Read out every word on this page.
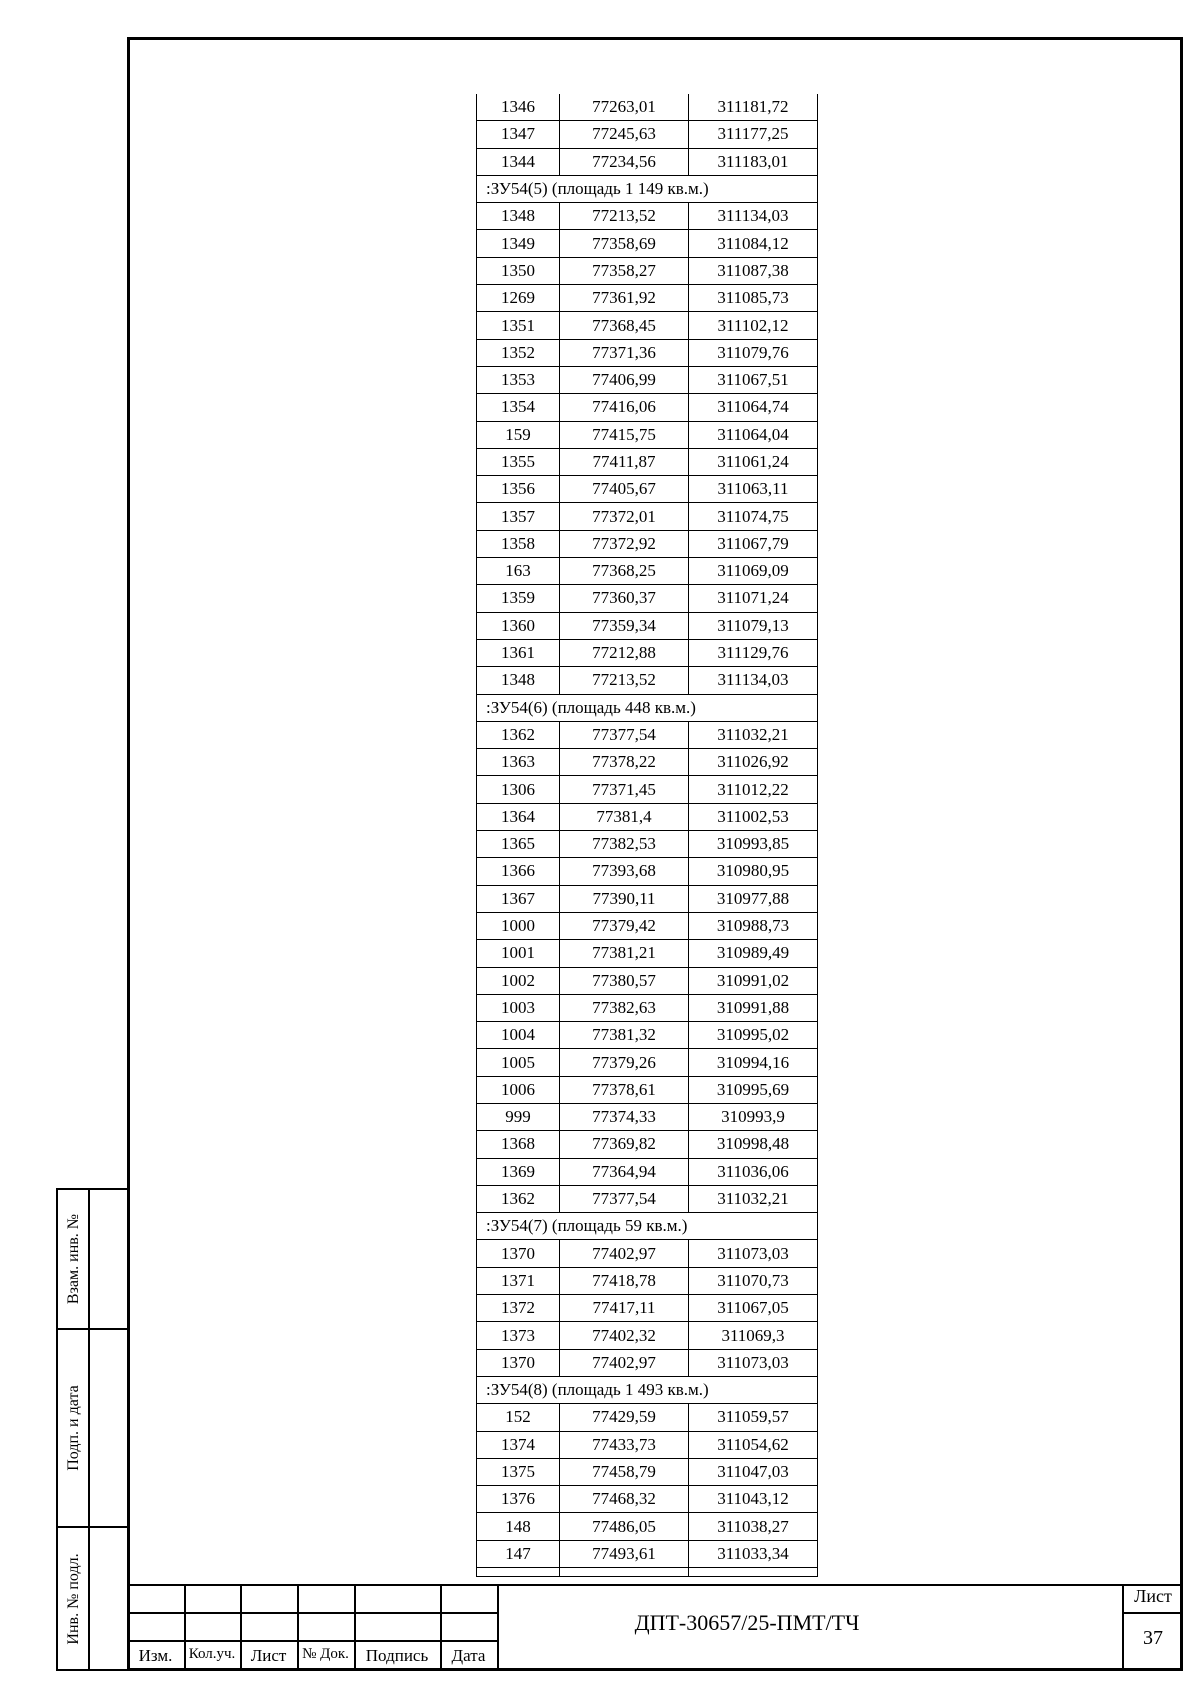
1346	77263,01	311181,72
1347	77245,63	311177,25
1344	77234,56	311183,01
:ЗУ54(5) (площадь 1 149 кв.м.)		
1348	77213,52	311134,03
1349	77358,69	311084,12
1350	77358,27	311087,38
1269	77361,92	311085,73
1351	77368,45	311102,12
1352	77371,36	311079,76
1353	77406,99	311067,51
1354	77416,06	311064,74
159	77415,75	311064,04
1355	77411,87	311061,24
1356	77405,67	311063,11
1357	77372,01	311074,75
1358	77372,92	311067,79
163	77368,25	311069,09
1359	77360,37	311071,24
1360	77359,34	311079,13
1361	77212,88	311129,76
1348	77213,52	311134,03
:ЗУ54(6) (площадь 448 кв.м.)		
1362	77377,54	311032,21
1363	77378,22	311026,92
1306	77371,45	311012,22
1364	77381,4	311002,53
1365	77382,53	310993,85
1366	77393,68	310980,95
1367	77390,11	310977,88
1000	77379,42	310988,73
1001	77381,21	310989,49
1002	77380,57	310991,02
1003	77382,63	310991,88
1004	77381,32	310995,02
1005	77379,26	310994,16
1006	77378,61	310995,69
999	77374,33	310993,9
1368	77369,82	310998,48
1369	77364,94	311036,06
1362	77377,54	311032,21
:ЗУ54(7) (площадь 59 кв.м.)		
1370	77402,97	311073,03
1371	77418,78	311070,73
1372	77417,11	311067,05
1373	77402,32	311069,3
1370	77402,97	311073,03
:ЗУ54(8) (площадь 1 493 кв.м.)		
152	77429,59	311059,57
1374	77433,73	311054,62
1375	77458,79	311047,03
1376	77468,32	311043,12
148	77486,05	311038,27
147	77493,61	311033,34

Взам. инв. №
Подп. и дата
Инв. № подл.
Изм.	Кол.уч. Лист	№ Док. Подпись	Дата
ДПТ-30657/25-ПМТ/ТЧ
Лист
37
